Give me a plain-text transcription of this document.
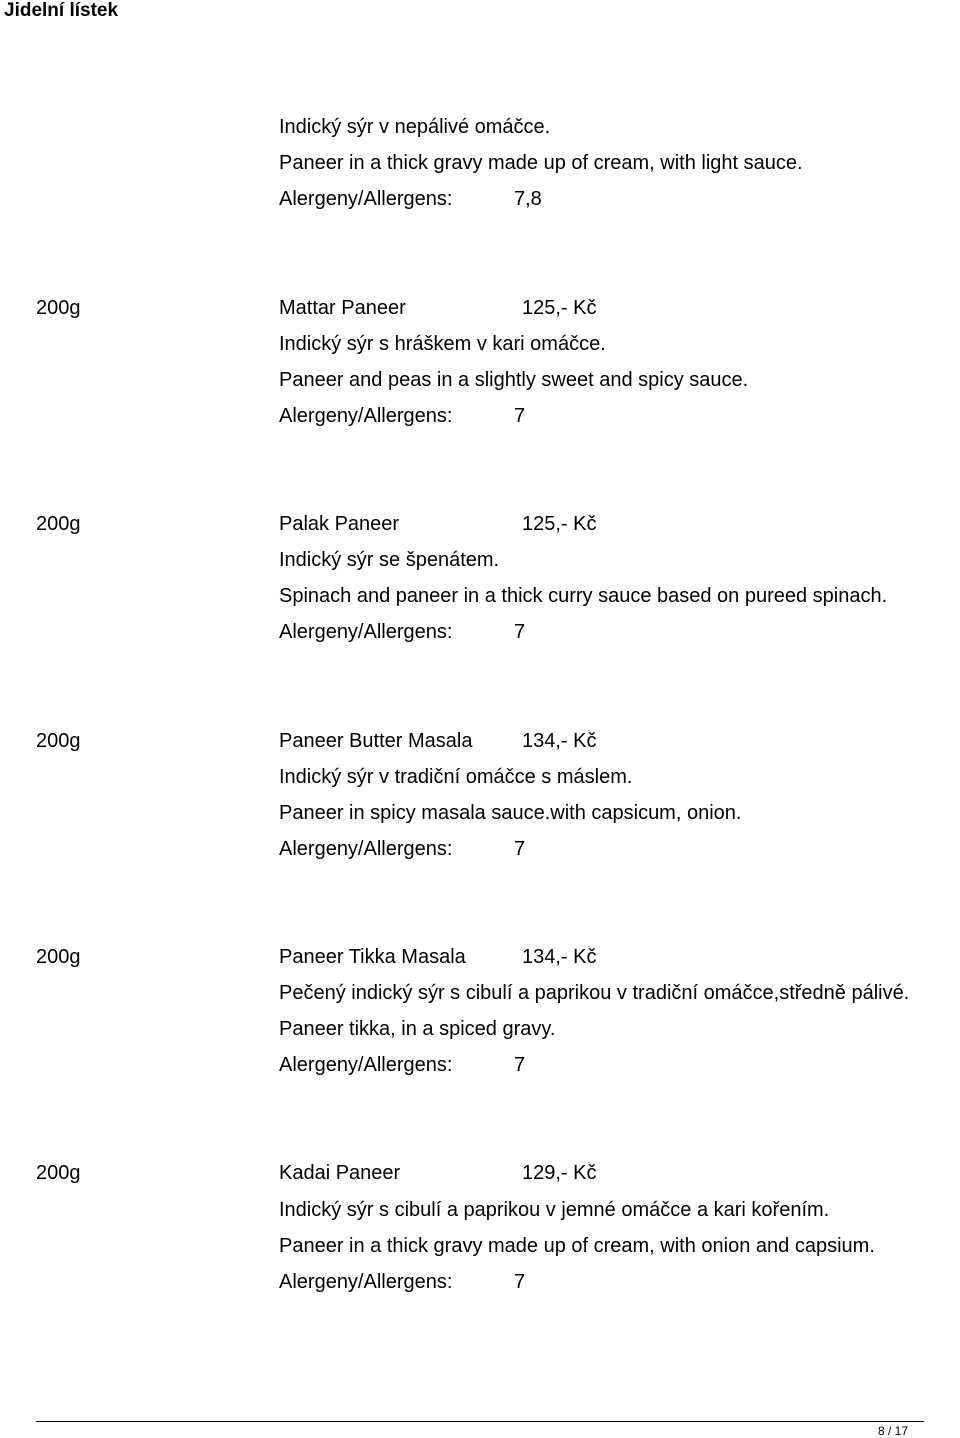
Jidelní lístek
Indický sýr v nepálivé omáčce.
Paneer in a thick gravy made up of cream, with light sauce.
Alergeny/Allergens:	7,8
200g	Mattar Paneer	125,- Kč
Indický sýr s hráškem v kari omáčce.
Paneer and peas in a slightly sweet and spicy sauce.
Alergeny/Allergens:	7
200g	Palak Paneer	125,- Kč
Indický sýr se špenátem.
Spinach and paneer in a thick curry sauce based on pureed spinach.
Alergeny/Allergens:	7
200g	Paneer Butter Masala 134,- Kč
Indický sýr v tradiční omáčce s máslem.
Paneer in spicy masala sauce.with capsicum, onion.
Alergeny/Allergens:	7
200g	Paneer Tikka Masala	134,- Kč
Pečený indický sýr s cibulí a paprikou v tradiční omáčce,středně pálivé.
Paneer tikka, in a spiced gravy.
Alergeny/Allergens:	7
200g	Kadai Paneer	129,- Kč
Indický sýr s cibulí a paprikou v jemné omáčce a kari kořením.
Paneer in a thick gravy made up of cream, with onion and capsium.
Alergeny/Allergens:	7
8 / 17
